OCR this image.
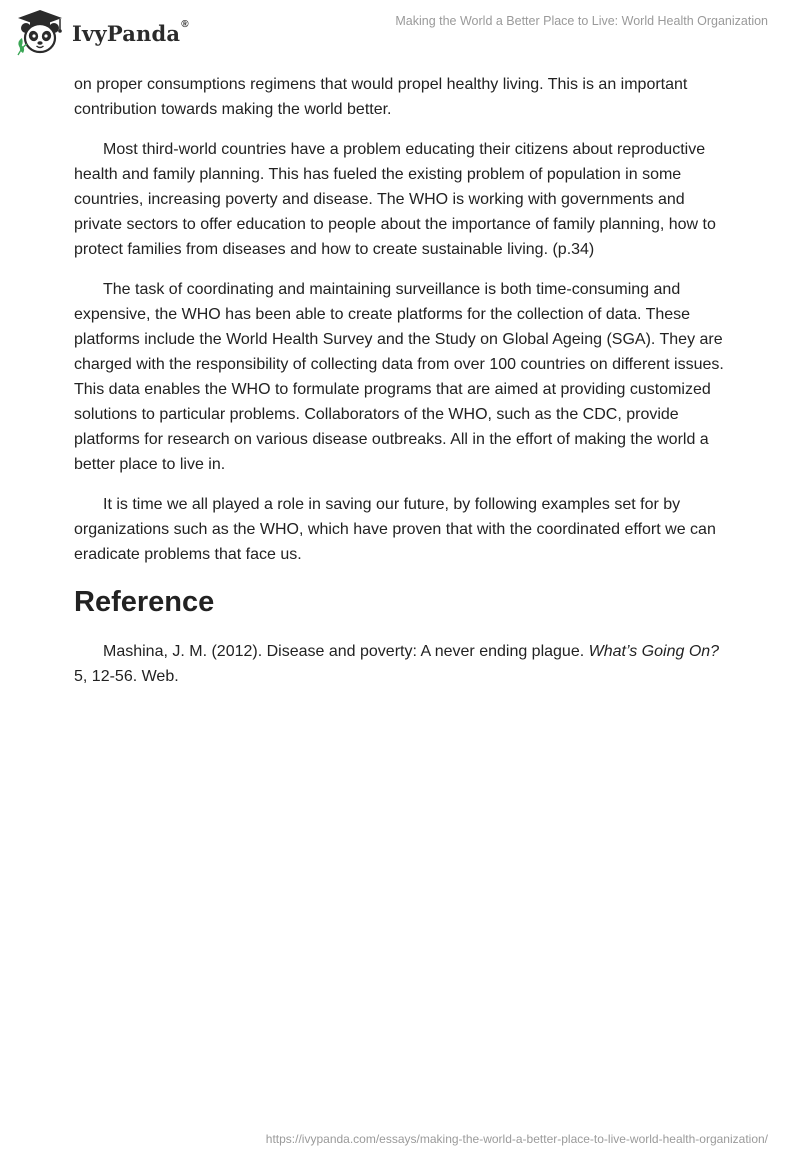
IvyPanda®	Making the World a Better Place to Live: World Health Organization

on proper consumptions regimens that would propel healthy living. This is an important contribution towards making the world better.

Most third-world countries have a problem educating their citizens about reproductive health and family planning. This has fueled the existing problem of population in some countries, increasing poverty and disease. The WHO is working with governments and private sectors to offer education to people about the importance of family planning, how to protect families from diseases and how to create sustainable living. (p.34)

The task of coordinating and maintaining surveillance is both time-consuming and expensive, the WHO has been able to create platforms for the collection of data. These platforms include the World Health Survey and the Study on Global Ageing (SGA). They are charged with the responsibility of collecting data from over 100 countries on different issues. This data enables the WHO to formulate programs that are aimed at providing customized solutions to particular problems. Collaborators of the WHO, such as the CDC, provide platforms for research on various disease outbreaks. All in the effort of making the world a better place to live in.

It is time we all played a role in saving our future, by following examples set for by organizations such as the WHO, which have proven that with the coordinated effort we can eradicate problems that face us.

Reference

Mashina, J. M. (2012). Disease and poverty: A never ending plague. What’s Going On? 5, 12-56. Web.

https://ivypanda.com/essays/making-the-world-a-better-place-to-live-world-health-organization/
